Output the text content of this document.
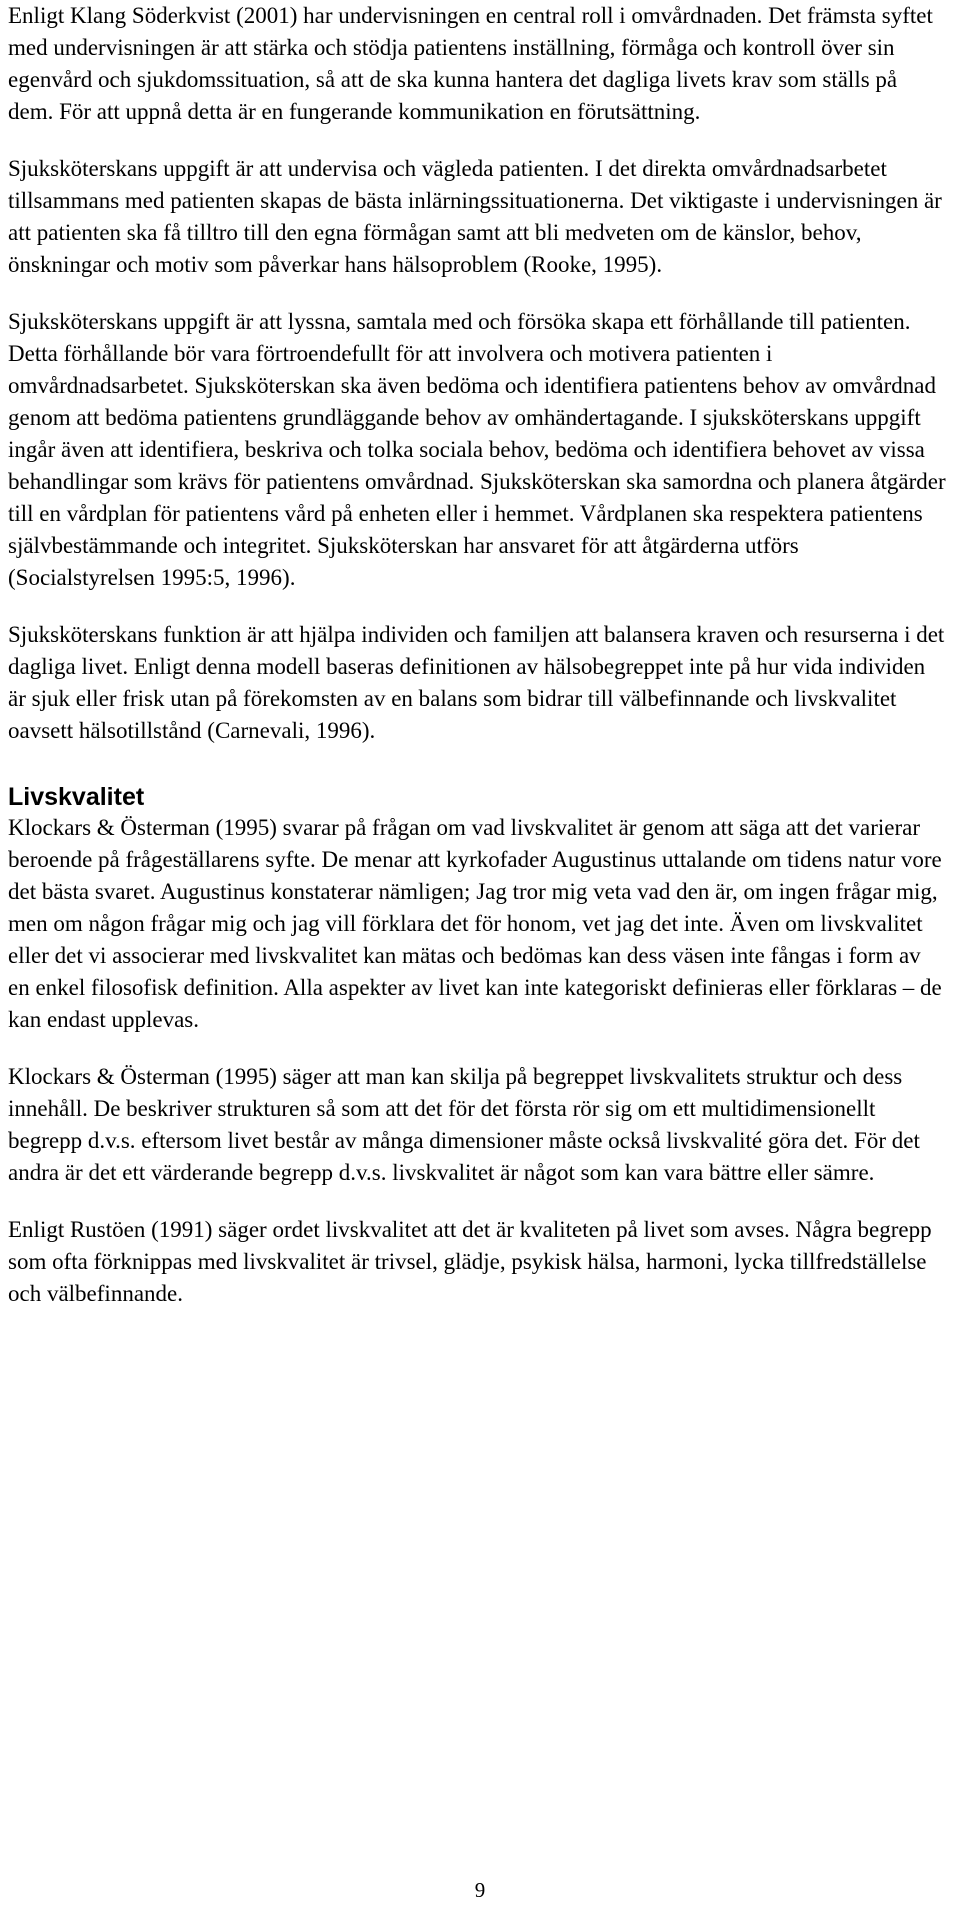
Enligt Klang Söderkvist (2001) har undervisningen en central roll i omvårdnaden. Det främsta syftet med undervisningen är att stärka och stödja patientens inställning, förmåga och kontroll över sin egenvård och sjukdomssituation, så att de ska kunna hantera det dagliga livets krav som ställs på dem. För att uppnå detta är en fungerande kommunikation en förutsättning.

Sjuksköterskans uppgift är att undervisa och vägleda patienten. I det direkta omvårdnadsarbetet tillsammans med patienten skapas de bästa inlärningssituationerna. Det viktigaste i undervisningen är att patienten ska få tilltro till den egna förmågan samt att bli medveten om de känslor, behov, önskningar och motiv som påverkar hans hälsoproblem (Rooke, 1995).

Sjuksköterskans uppgift är att lyssna, samtala med och försöka skapa ett förhållande till patienten. Detta förhållande bör vara förtroendefullt för att involvera och motivera patienten i omvårdnadsarbetet. Sjuksköterskan ska även bedöma och identifiera patientens behov av omvårdnad genom att bedöma patientens grundläggande behov av omhändertagande. I sjuksköterskans uppgift ingår även att identifiera, beskriva och tolka sociala behov, bedöma och identifiera behovet av vissa behandlingar som krävs för patientens omvårdnad. Sjuksköterskan ska samordna och planera åtgärder till en vårdplan för patientens vård på enheten eller i hemmet. Vårdplanen ska respektera patientens självbestämmande och integritet. Sjuksköterskan har ansvaret för att åtgärderna utförs (Socialstyrelsen 1995:5, 1996).

Sjuksköterskans funktion är att hjälpa individen och familjen att balansera kraven och resurserna i det dagliga livet. Enligt denna modell baseras definitionen av hälsobegreppet inte på hur vida individen är sjuk eller frisk utan på förekomsten av en balans som bidrar till välbefinnande och livskvalitet oavsett hälsotillstånd (Carnevali, 1996).

Livskvalitet

Klockars & Österman (1995) svarar på frågan om vad livskvalitet är genom att säga att det varierar beroende på frågeställarens syfte. De menar att kyrkofader Augustinus uttalande om tidens natur vore det bästa svaret. Augustinus konstaterar nämligen; Jag tror mig veta vad den är, om ingen frågar mig, men om någon frågar mig och jag vill förklara det för honom, vet jag det inte. Även om livskvalitet eller det vi associerar med livskvalitet kan mätas och bedömas kan dess väsen inte fångas i form av en enkel filosofisk definition. Alla aspekter av livet kan inte kategoriskt definieras eller förklaras – de kan endast upplevas.

Klockars & Österman (1995) säger att man kan skilja på begreppet livskvalitets struktur och dess innehåll. De beskriver strukturen så som att det för det första rör sig om ett multidimensionellt begrepp d.v.s. eftersom livet består av många dimensioner måste också livskvalité göra det. För det andra är det ett värderande begrepp d.v.s. livskvalitet är något som kan vara bättre eller sämre.

Enligt Rustöen (1991) säger ordet livskvalitet att det är kvaliteten på livet som avses. Några begrepp som ofta förknippas med livskvalitet är trivsel, glädje, psykisk hälsa, harmoni, lycka tillfredställelse och välbefinnande.

9
